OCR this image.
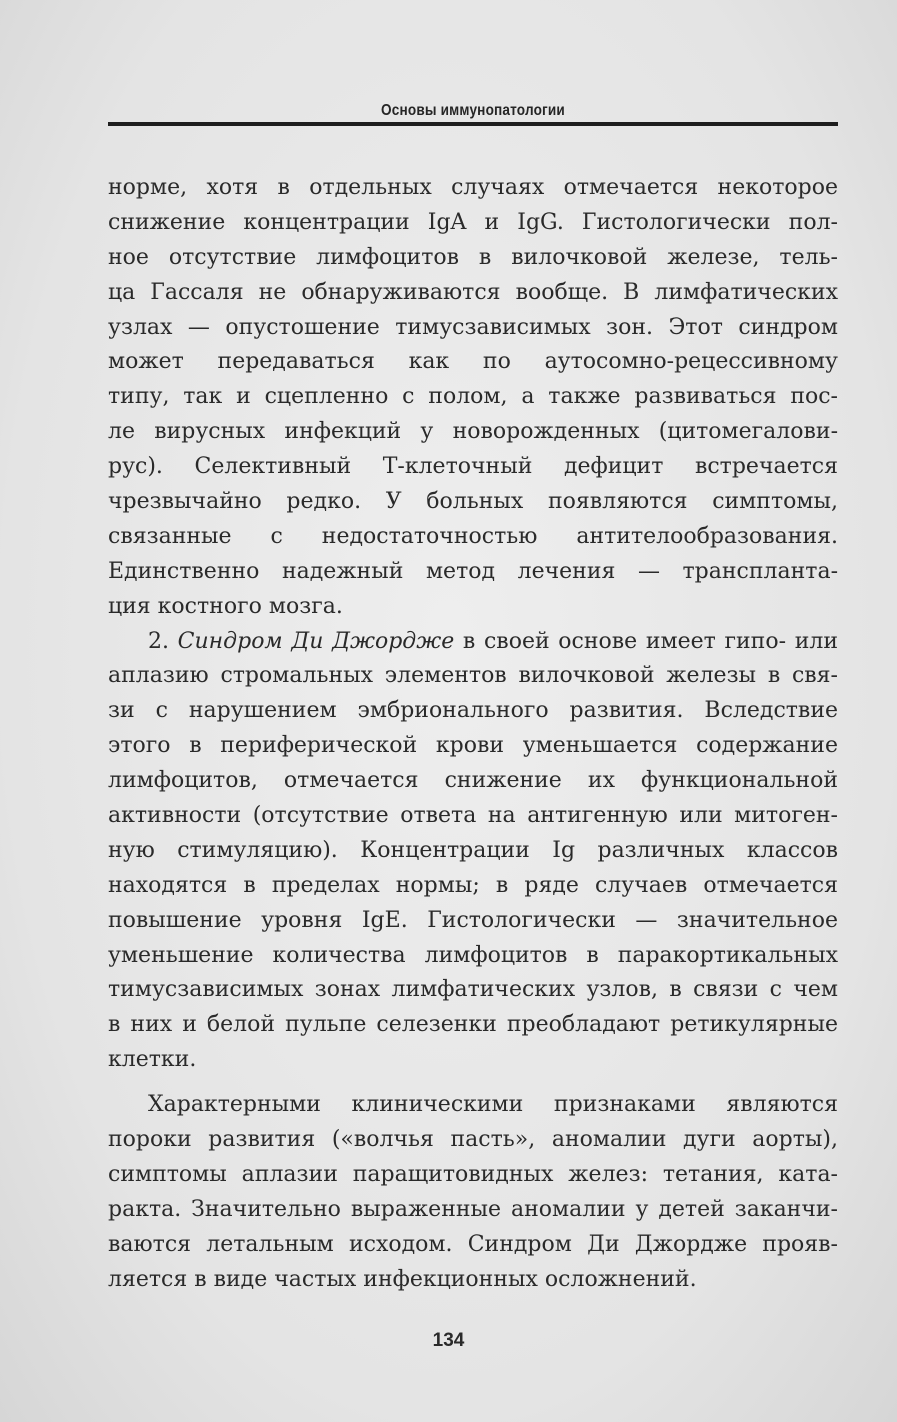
Основы иммунопатологии
норме, хотя в отдельных случаях отмечается некоторое
снижение концентрации IgA и IgG. Гистологически пол-
ное отсутствие лимфоцитов в вилочковой железе, тель-
ца Гассаля не обнаруживаются вообще. В лимфатических
узлах — опустошение тимусзависимых зон. Этот синдром
может передаваться как по аутосомно-рецессивному
типу, так и сцепленно с полом, а также развиваться пос-
ле вирусных инфекций у новорожденных (цитомегалови-
рус). Селективный Т-клеточный дефицит встречается
чрезвычайно редко. У больных появляются симптомы,
связанные с недостаточностью антителообразования.
Единственно надежный метод лечения — транспланта-
ция костного мозга.
2. Синдром Ди Джордже в своей основе имеет гипо- или
аплазию стромальных элементов вилочковой железы в свя-
зи с нарушением эмбрионального развития. Вследствие
этого в периферической крови уменьшается содержание
лимфоцитов, отмечается снижение их функциональной
активности (отсутствие ответа на антигенную или митоген-
ную стимуляцию). Концентрации Ig различных классов
находятся в пределах нормы; в ряде случаев отмечается
повышение уровня IgE. Гистологически — значительное
уменьшение количества лимфоцитов в паракортикальных
тимусзависимых зонах лимфатических узлов, в связи с чем
в них и белой пульпе селезенки преобладают ретикулярные
клетки.
Характерными клиническими признаками являются
пороки развития («волчья пасть», аномалии дуги аорты),
симптомы аплазии паращитовидных желез: тетания, ката-
ракта. Значительно выраженные аномалии у детей заканчи-
ваются летальным исходом. Синдром Ди Джордже прояв-
ляется в виде частых инфекционных осложнений.
134
